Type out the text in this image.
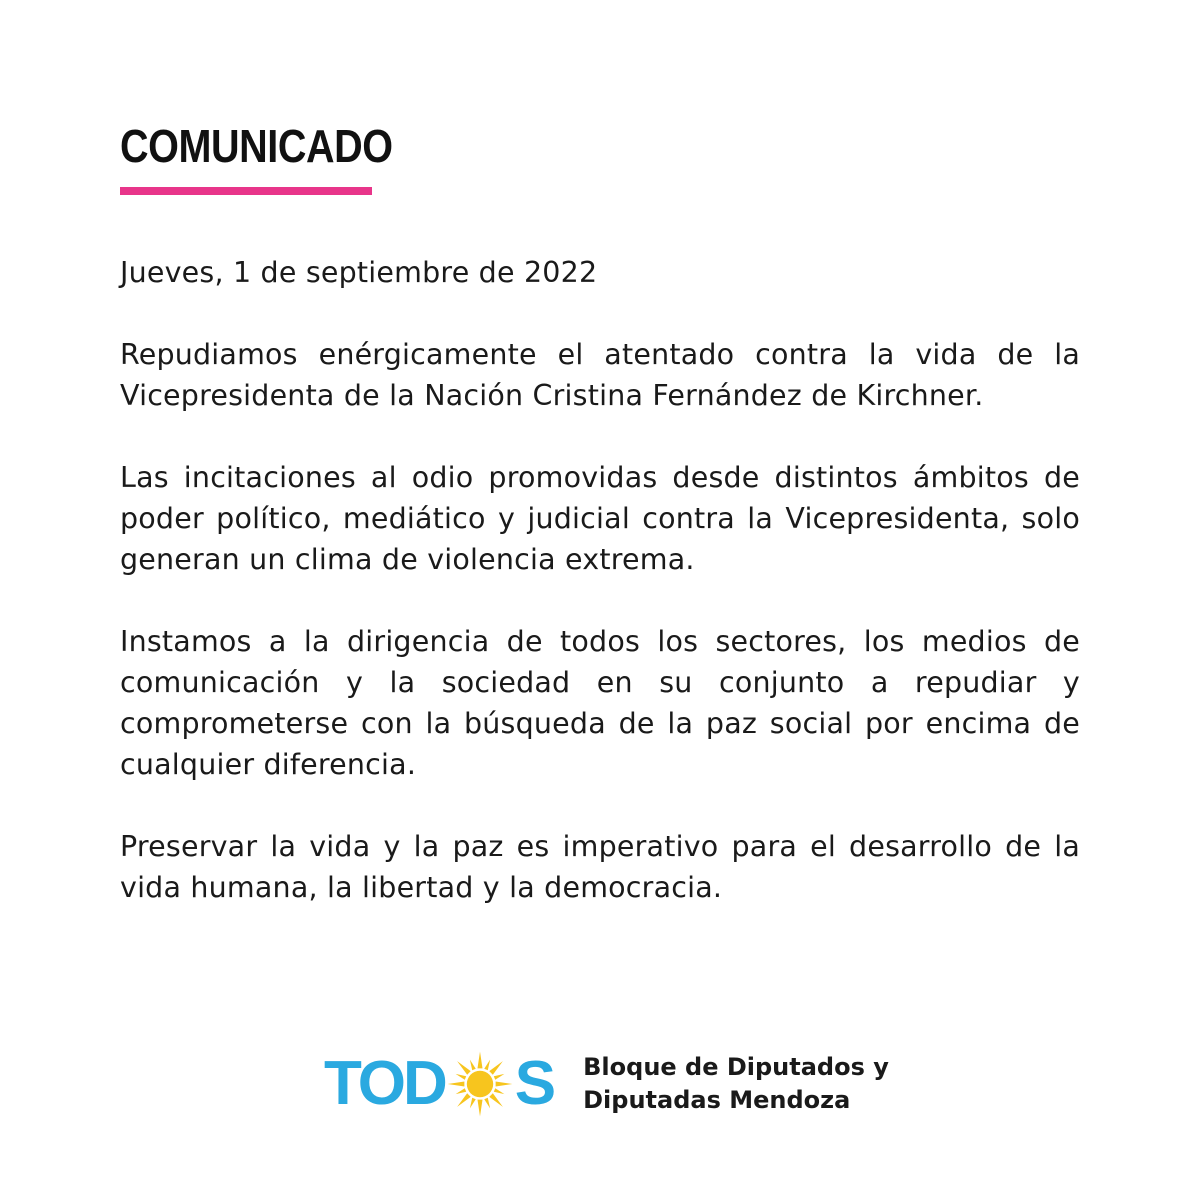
COMUNICADO

Jueves, 1 de septiembre de 2022

Repudiamos enérgicamente el atentado contra la vida de la Vicepresidenta de la Nación Cristina Fernández de Kirchner.

Las incitaciones al odio promovidas desde distintos ámbitos de poder político, mediático y judicial contra la Vicepresidenta, solo generan un clima de violencia extrema.

Instamos a la dirigencia de todos los sectores, los medios de comunicación y la sociedad en su conjunto a repudiar y comprometerse con la búsqueda de la paz social por encima de cualquier diferencia.

Preservar la vida y la paz es imperativo para el desarrollo de la vida humana, la libertad y la democracia.

TOD S Bloque de Diputados y
Diputadas Mendoza
